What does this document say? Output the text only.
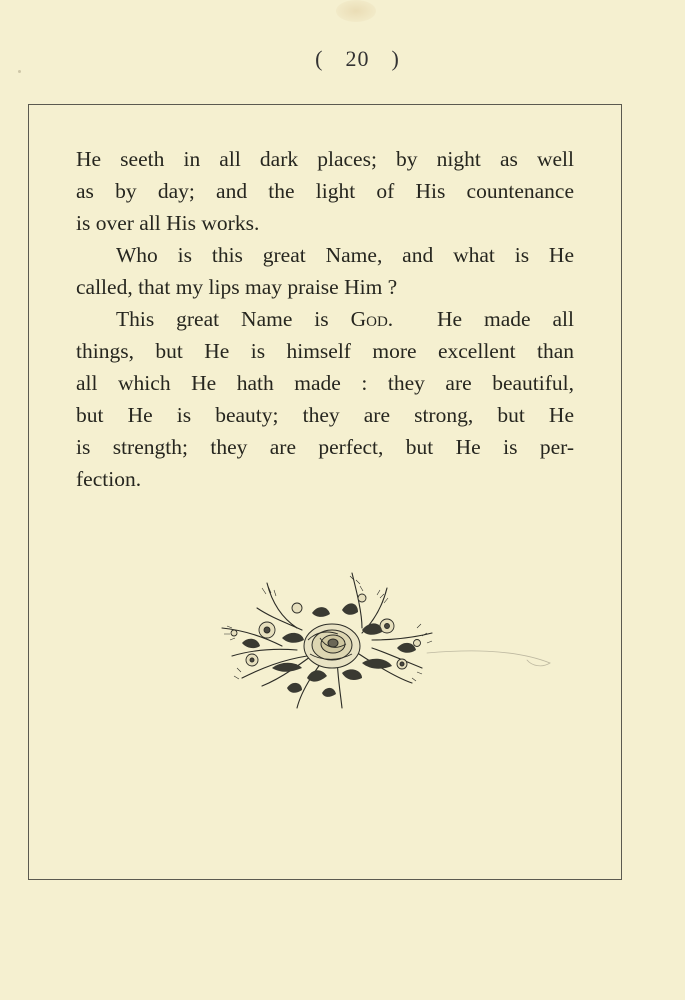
( 20 )

He seeth in all dark places; by night as well
as by day; and the light of His countenance
is over all His works.

Who is this great Name, and what is He
called, that my lips may praise Him ?

This great Name is God.  He made all
things, but He is himself more excellent than
all which He hath made : they are beautiful,
but He is beauty; they are strong, but He
is strength; they are perfect, but He is per-
fection.
